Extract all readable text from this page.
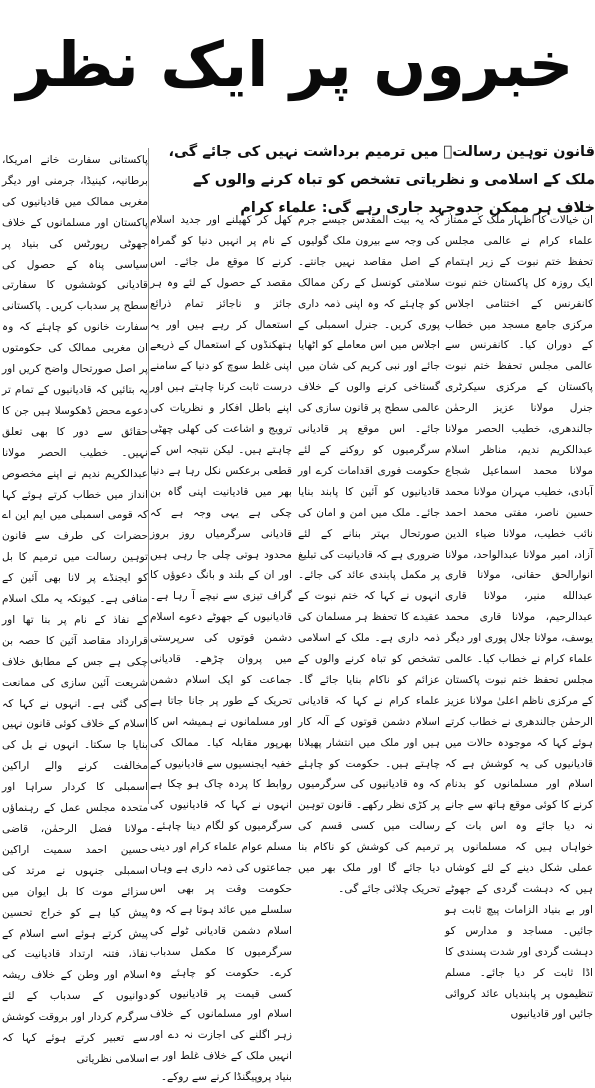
خبروں پر ایک نظر
قانون توہین رسالتؐ میں ترمیم برداشت نہیں کی جائے گی، ملک کے اسلامی و نظریاتی تشخص کو تباہ کرنے والوں کے خلاف ہر ممکن جدوجہد جاری رہے گی: علماء کرام

ان خیالات کا اظہار ملک کے ممتاز علماء کرام نے عالمی مجلس تحفظ ختم نبوت کے زیر اہتمام ایک روزہ کل پاکستان ختم نبوت کانفرنس کے اختتامی اجلاس مرکزی جامع مسجد میں خطاب کے دوران کیا۔ کانفرنس سے عالمی مجلس تحفظ ختم نبوت پاکستان کے مرکزی سیکرٹری جنرل مولانا عزیز الرحمٰن جالندھری، خطیب الحصر مولانا عبدالکریم ندیم، مناظر اسلام مولانا محمد اسماعیل شجاع آبادی، خطیب مہران مولانا محمد حسین ناصر، مفتی محمد احمد نائب خطیب، مولانا ضیاء الدین آزاد، امیر مولانا عبدالواحد، مولانا انوارالحق حقانی، مولانا قاری عبدالله منیر، مولانا قاری عبدالرحیم، مولانا قاری محمد یوسف، مولانا جلال پوری اور دیگر علماء کرام نے خطاب کیا۔ عالمی مجلس تحفظ ختم نبوت پاکستان کے مرکزی ناظم اعلیٰ مولانا عزیز الرحمٰن جالندھری نے خطاب کرتے ہوئے کہا کہ موجودہ حالات میں قادیانیوں کی یہ کوشش ہے کہ اسلام اور مسلمانوں کو بدنام کرنے کا کوئی موقع ہاتھ سے جانے نہ دیا جائے وہ اس بات کے خواہاں ہیں کہ مسلمانوں پر عملی شکل دینے کے لئے کوشاں ہیں کہ دہشت گردی کے جھوٹے اور بے بنیاد الزامات پیچ ثابت ہو جائیں۔ مساجد و مدارس کو دہشت گردی اور شدت پسندی کا اڈا ثابت کر دیا جائے۔ مسلم تنظیموں پر پابندیاں عائد کروائی جائیں اور قادیانیوں

کہ یہ بیت المقدس جیسے جرم کی وجہ سے بیرون ملک گولیوں کے اصل مقاصد نہیں جانتے۔ سلامتی کونسل کے رکن ممالک کو چاہئے کہ وہ اپنی ذمہ داری پوری کریں۔ جنرل اسمبلی کے اجلاس میں اس معاملے کو اٹھایا جائے اور نبی کریم کی شان میں گستاخی کرنے والوں کے خلاف عالمی سطح پر قانون سازی کی جائے۔ اس موقع پر قادیانی سرگرمیوں کو روکنے کے لئے حکومت فوری اقدامات کرے اور قادیانیوں کو آئین کا پابند بنایا جائے۔ ملک میں امن و امان کی صورتحال بہتر بنانے کے لئے ضروری ہے کہ قادیانیت کی تبلیغ پر مکمل پابندی عائد کی جائے۔ انہوں نے کہا کہ ختم نبوت کے عقیدے کا تحفظ ہر مسلمان کی ذمہ داری ہے۔ ملک کے اسلامی تشخص کو تباہ کرنے والوں کے عزائم کو ناکام بنایا جائے گا۔ علماء کرام نے کہا کہ قادیانی اسلام دشمن قوتوں کے آلہ کار ہیں اور ملک میں انتشار پھیلانا چاہتے ہیں۔ حکومت کو چاہئے کہ وہ قادیانیوں کی سرگرمیوں پر کڑی نظر رکھے۔ قانون توہین رسالت میں کسی قسم کی ترمیم کی کوشش کو ناکام بنا دیا جائے گا اور ملک بھر میں تحریک چلائی جائے گی۔

کھل کر کھیلنے اور جدید اسلام کے نام پر انہیں دنیا کو گمراہ کرنے کا موقع مل جائے۔ اس مقصد کے حصول کے لئے وہ ہر جائز و ناجائز تمام ذرائع استعمال کر رہے ہیں اور یہ ہتھکنڈوں کے استعمال کے ذریعے اپنی غلط سوچ کو دنیا کے سامنے درست ثابت کرنا چاہتے ہیں اور اپنے باطل افکار و نظریات کی ترویج و اشاعت کی کھلی چھٹی چاہتے ہیں۔ لیکن نتیجہ اس کے قطعی برعکس نکل رہا ہے دنیا بھر میں قادیانیت اپنی گاہ بن چکی ہے یہی وجہ ہے کہ قادیانی سرگرمیاں روز بروز محدود ہوتی چلی جا رہی ہیں اور ان کے بلند و بانگ دعوؤں کا گراف تیزی سے نیچے آ رہا ہے۔ قادیانیوں کے جھوٹے دعوے اسلام دشمن قوتوں کی سرپرستی میں پروان چڑھے۔ قادیانی جماعت کو ایک اسلام دشمن تحریک کے طور پر جانا جاتا ہے اور مسلمانوں نے ہمیشہ اس کا بھرپور مقابلہ کیا۔ ممالک کی خفیہ ایجنسیوں سے قادیانیوں کے روابط کا پردہ چاک ہو چکا ہے انہوں نے کہا کہ قادیانیوں کی سرگرمیوں کو لگام دینا چاہئے۔ مسلم عوام علماء کرام اور دینی جماعتوں کی ذمہ داری ہے وہاں حکومت وقت پر بھی اس سلسلے میں عائد ہوتا ہے کہ وہ اسلام دشمن قادیانی ٹولے کی سرگرمیوں کا مکمل سدباب کرے۔ حکومت کو چاہئے وہ کسی قیمت پر قادیانیوں کو اسلام اور مسلمانوں کے خلاف زہر اگلنے کی اجازت نہ دے اور انہیں ملک کے خلاف غلط اور بے بنیاد پروپیگنڈا کرنے سے روکے۔

پاکستانی سفارت خانے امریکا، برطانیہ، کینیڈا، جرمنی اور دیگر مغربی ممالک میں قادیانیوں کی پاکستان اور مسلمانوں کے خلاف جھوٹی رپورٹس کی بنیاد پر سیاسی پناہ کے حصول کی قادیانی کوششوں کا سفارتی سطح پر سدباب کریں۔ پاکستانی سفارت خانوں کو چاہئے کہ وہ ان مغربی ممالک کی حکومتوں پر اصل صورتحال واضح کریں اور یہ بتائیں کہ قادیانیوں کے تمام تر دعوے محض ڈھکوسلا ہیں جن کا حقائق سے دور کا بھی تعلق نہیں۔ خطیب الحصر مولانا عبدالکریم ندیم نے اپنے مخصوص انداز میں خطاب کرتے ہوئے کہا کہ قومی اسمبلی میں ایم این اے حضرات کی طرف سے قانون توہین رسالت میں ترمیم کا بل کو ایجنڈے پر لانا بھی آئین کے منافی ہے۔ کیونکہ یہ ملک اسلام کے نفاذ کے نام پر بنا تھا اور قرارداد مقاصد آئین کا حصہ بن چکی ہے جس کے مطابق خلاف شریعت آئین سازی کی ممانعت کی گئی ہے۔ انہوں نے کہا کہ اسلام کے خلاف کوئی قانون نہیں بنایا جا سکتا۔ انہوں نے بل کی مخالفت کرنے والے اراکین اسمبلی کا کردار سراہا اور متحدہ مجلس عمل کے رہنماؤں مولانا فضل الرحمٰن، قاضی حسین احمد سمیت اراکین اسمبلی جنہوں نے مرتد کی سزائے موت کا بل ایوان میں پیش کیا ہے کو خراج تحسین پیش کرتے ہوئے اسے اسلام کے نفاذ، فتنہ ارتداد قادیانیت کی اسلام اور وطن کے خلاف ریشہ دوانیوں کے سدباب کے لئے سرگرم کردار اور بروقت کوشش سے تعبیر کرتے ہوئے کہا کہ اسلامی نظریاتی
